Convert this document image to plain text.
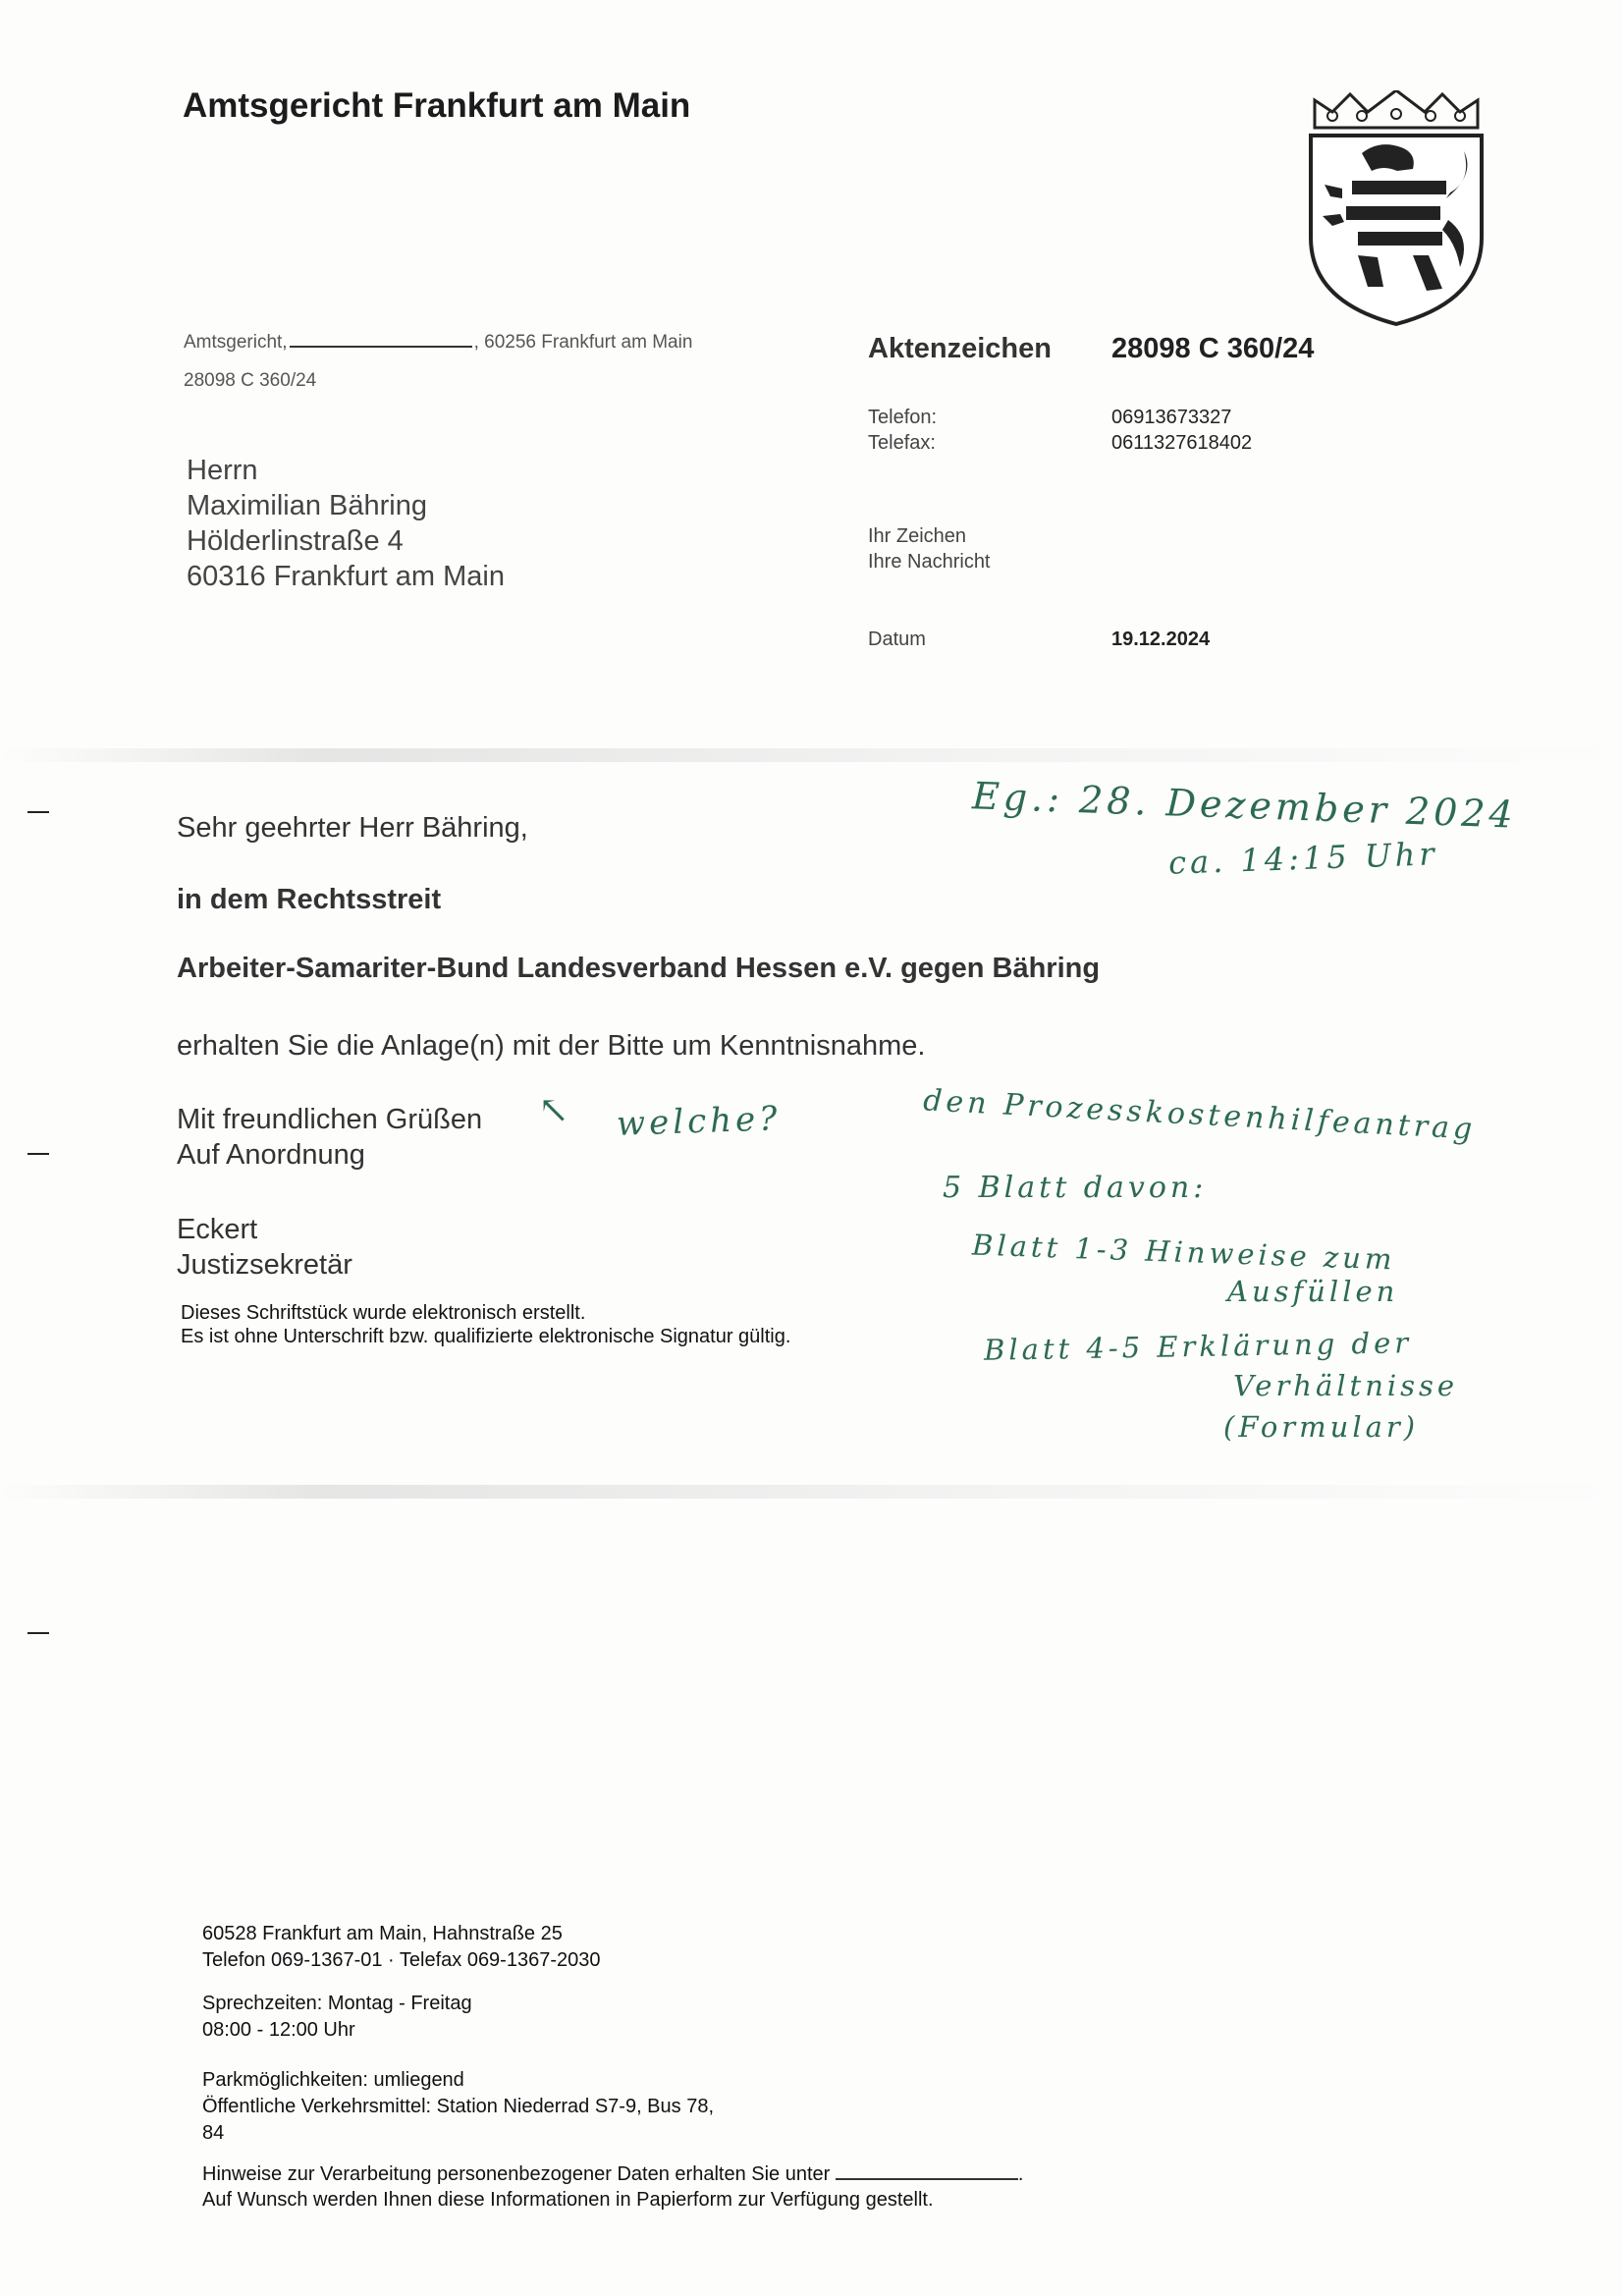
Amtsgericht Frankfurt am Main
Amtsgericht,	, 60256 Frankfurt am Main
28098 C 360/24
Herrn
Maximilian Bähring
Hölderlinstraße 4
60316 Frankfurt am Main
Aktenzeichen 28098 C 360/24
Telefon:	06913673327
Telefax:	0611327618402
Ihr Zeichen
Ihre Nachricht
Datum	19.12.2024
Sehr geehrter Herr Bähring,
in dem Rechtsstreit
Arbeiter-Samariter-Bund Landesverband Hessen e.V. gegen Bähring
erhalten Sie die Anlage(n) mit der Bitte um Kenntnisnahme.
Mit freundlichen Grüßen
Auf Anordnung
Eckert
Justizsekretär
Dieses Schriftstück wurde elektronisch erstellt.
Es ist ohne Unterschrift bzw. qualifizierte elektronische Signatur gültig.
Eg.: 28. Dezember 2024
ca. 14:15 Uhr
↖ welche?	den Prozesskostenhilfeantrag
5 Blatt davon:
Blatt 1-3 Hinweise zum
Ausfüllen
Blatt 4-5 Erklärung der
Verhältnisse
(Formular)
60528 Frankfurt am Main, Hahnstraße 25
Telefon 069-1367-01 · Telefax 069-1367-2030
Sprechzeiten: Montag - Freitag
08:00 - 12:00 Uhr
Parkmöglichkeiten: umliegend
Öffentliche Verkehrsmittel: Station Niederrad S7-9, Bus 78,
84
Hinweise zur Verarbeitung personenbezogener Daten erhalten Sie unter	.
Auf Wunsch werden Ihnen diese Informationen in Papierform zur Verfügung gestellt.
